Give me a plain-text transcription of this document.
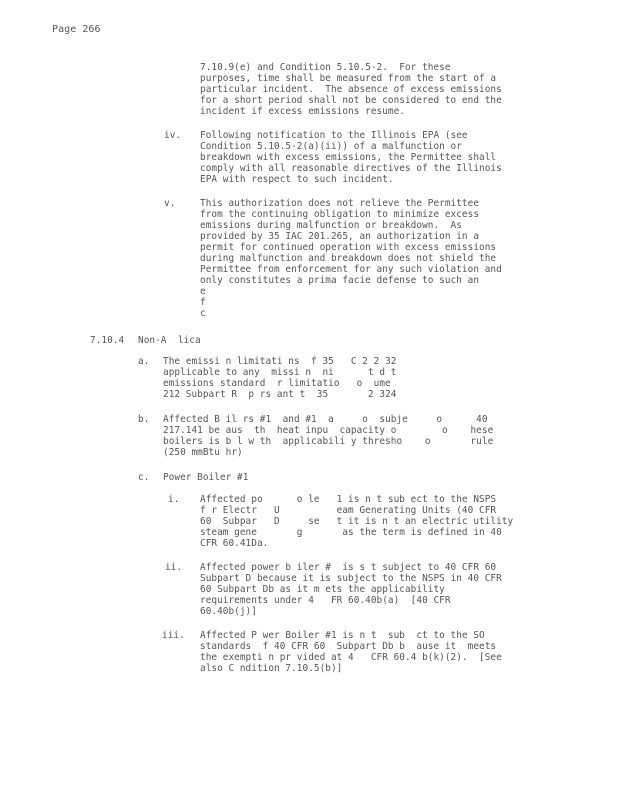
Page 266
7.10.9(e) and Condition 5.10.5-2.  For these
purposes, time shall be measured from the start of a
particular incident.  The absence of excess emissions
for a short period shall not be considered to end the
incident if excess emissions resume.
iv. Following notification to the Illinois EPA (see
Condition 5.10.5-2(a)(ii)) of a malfunction or
breakdown with excess emissions, the Permittee shall
comply with all reasonable directives of the Illinois
EPA with respect to such incident.
v.	This authorization does not relieve the Permittee
from the continuing obligation to minimize excess
emissions during malfunction or breakdown.  As
provided by 35 IAC 201.265, an authorization in a
permit for continued operation with excess emissions
during malfunction and breakdown does not shield the
Permittee from enforcement for any such violation and
only constitutes a prima facie defense to such an
e
f
c
7.10.4 Non-A  lica
a. The emissi n limitati ns  f 35   C 2 2 32
applicable to any  missi n  ni      t d t
emissions standard  r limitatio   o  ume
212 Subpart R  p rs ant t  35       2 324
b. Affected B il rs #1  and #1  a     o  subje     o      40
217.141 be aus  th  heat inpu  capacity o        o    hese
boilers is b l w th  applicabili y thresho    o       rule
(250 mmBtu hr)
c. Power Boiler #1
i. Affected po      o le   1 is n t sub ect to the NSPS
f r Electr   U          eam Generating Units (40 CFR
60  Subpar   D     se   t it is n t an electric utility
steam gene       g       as the term is defined in 40
CFR 60.41Da.
ii. Affected power b iler #  is s t subject to 40 CFR 60
Subpart D because it is subject to the NSPS in 40 CFR
60 Subpart Db as it m ets the applicability
requirements under 4   FR 60.40b(a)  [40 CFR
60.40b(j)]
iii. Affected P wer Boiler #1 is n t  sub  ct to the SO
standards  f 40 CFR 60  Subpart Db b  ause it  meets
the exempti n pr vided at 4   CFR 60.4 b(k)(2).  [See
also C ndition 7.10.5(b)]
